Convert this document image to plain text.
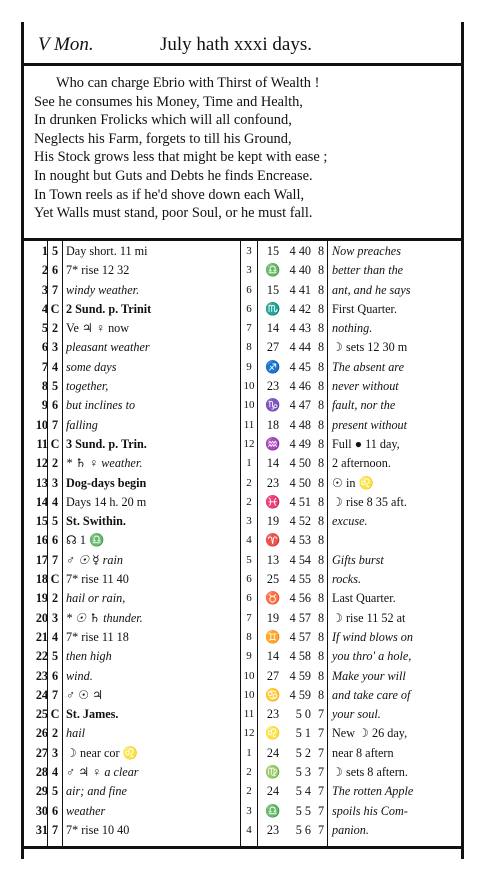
V Mon.	July hath xxxi days.
Who can charge Ebrio with Thirst of Wealth !
See he consumes his Money, Time and Health,
In drunken Frolicks which will all confound,
Neglects his Farm, forgets to till his Ground,
His Stock grows less that might be kept with ease ;
In nought but Guts and Debts he finds Encrease.
In Town reels as if he'd shove down each Wall,
Yet Walls must stand, poor Soul, or he must fall.
1 5 Day short. 11 mi	3	15 4 40 8 Now preaches
2 6 7* rise 12 32	3	♎ 4 40 8 better than the
3 7 windy weather.	6	15 4 41 8 ant, and he says
4 C 2 Sund. p. Trinit	6	♏ 4 42 8 First Quarter.
5 2 Ve ♃ ♀ now	7	14 4 43 8 nothing.
6 3 pleasant weather	8	27 4 44 8 ☽ sets 12 30 m
7 4 some days	9	♐ 4 45 8 The absent are
8 5 together,	10	23 4 46 8 never without
9 6 but inclines to	10 ♑ 4 47 8 fault, nor the
10 7 falling	11	18 4 48 8 present without
11 C 3 Sund. p. Trin.	12 ♒ 4 49 8 Full ● 11 day,
12 2 * ♄ ♀ weather.	1	14 4 50 8 2 afternoon.
13 3 Dog-days begin	2	23 4 50 8 ☉ in ♌
14 4 Days 14 h. 20 m	2	♓ 4 51 8 ☽ rise 8 35 aft.
15 5 St. Swithin.	3	19 4 52 8 excuse.
16 6 ☊ 1 ♎	4	♈ 4 53 8
17 7 ♂ ☉ ☿ rain	5	13 4 54 8 Gifts burst
18 C 7* rise 11 40	6	25 4 55 8 rocks.
19 2 hail or rain,	6	♉ 4 56 8 Last Quarter.
20 3 * ☉ ♄ thunder.	7	19 4 57 8 ☽ rise 11 52 at
21 4 7* rise 11 18	8	♊ 4 57 8 If wind blows on
22 5 then high	9	14 4 58 8 you thro' a hole,
23 6 wind.	10	27 4 59 8 Make your will
24 7 ♂ ☉ ♃	10 ♋ 4 59 8 and take care of
25 C St. James.	11	23	5 0 7 your soul.
26 2 hail	12 ♌	5 1 7 New ☽ 26 day,
27 3 ☽ near cor ♌	1	24	5 2 7 near 8 aftern
28 4 ♂ ♃ ♀ a clear	2	♍	5 3 7 ☽ sets 8 aftern.
29 5 air; and fine	2	24	5 4 7 The rotten Apple
30 6 weather	3	♎	5 5 7 spoils his Com-
31 7 7* rise 10 40	4	23	5 6 7 panion.
